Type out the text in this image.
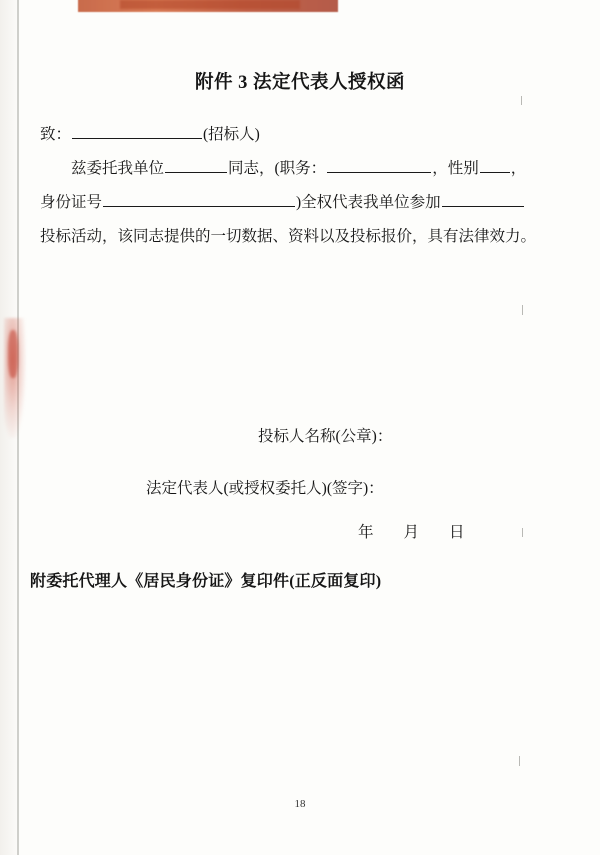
附件 3 法定代表人授权函
致：	(招标人)
兹委托我单位	同志，(职务：	，性别 ，
身份证号	)全权代表我单位参加
投标活动，该同志提供的一切数据、资料以及投标报价，具有法律效力。
投标人名称(公章)：
法定代表人(或授权委托人)(签字)：
年 月 日
附委托代理人《居民身份证》复印件(正反面复印)
18
